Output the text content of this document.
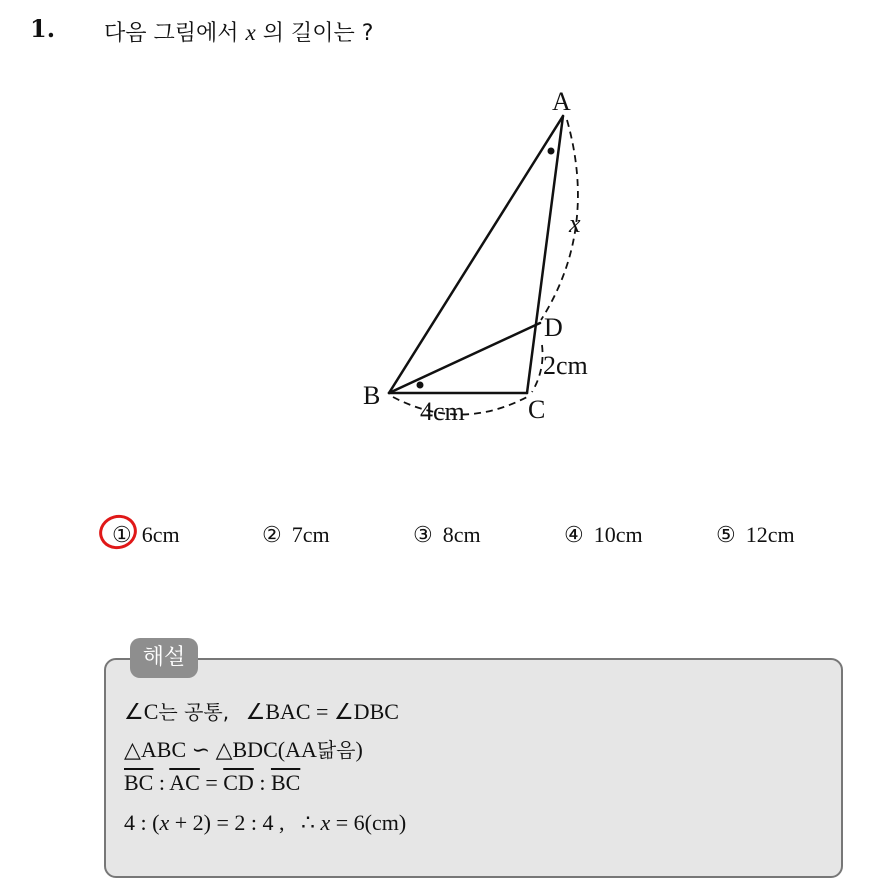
1. 다음 그림에서 x 의 길이는 ?
A
B	C
D
x
4cm
2cm
① 6cm	② 7cm	③ 8cm	④ 10cm	⑤ 12cm
해설
∠C는 공통, ∠BAC = ∠DBC
△ABC ∽ △BDC(AA닮음)
$\overline{BC}$ : $\overline{AC} = \overline{CD}$ : $\overline{BC}$
4 : (x + 2) = 2 : 4 ,   ∴ x = 6(cm)
